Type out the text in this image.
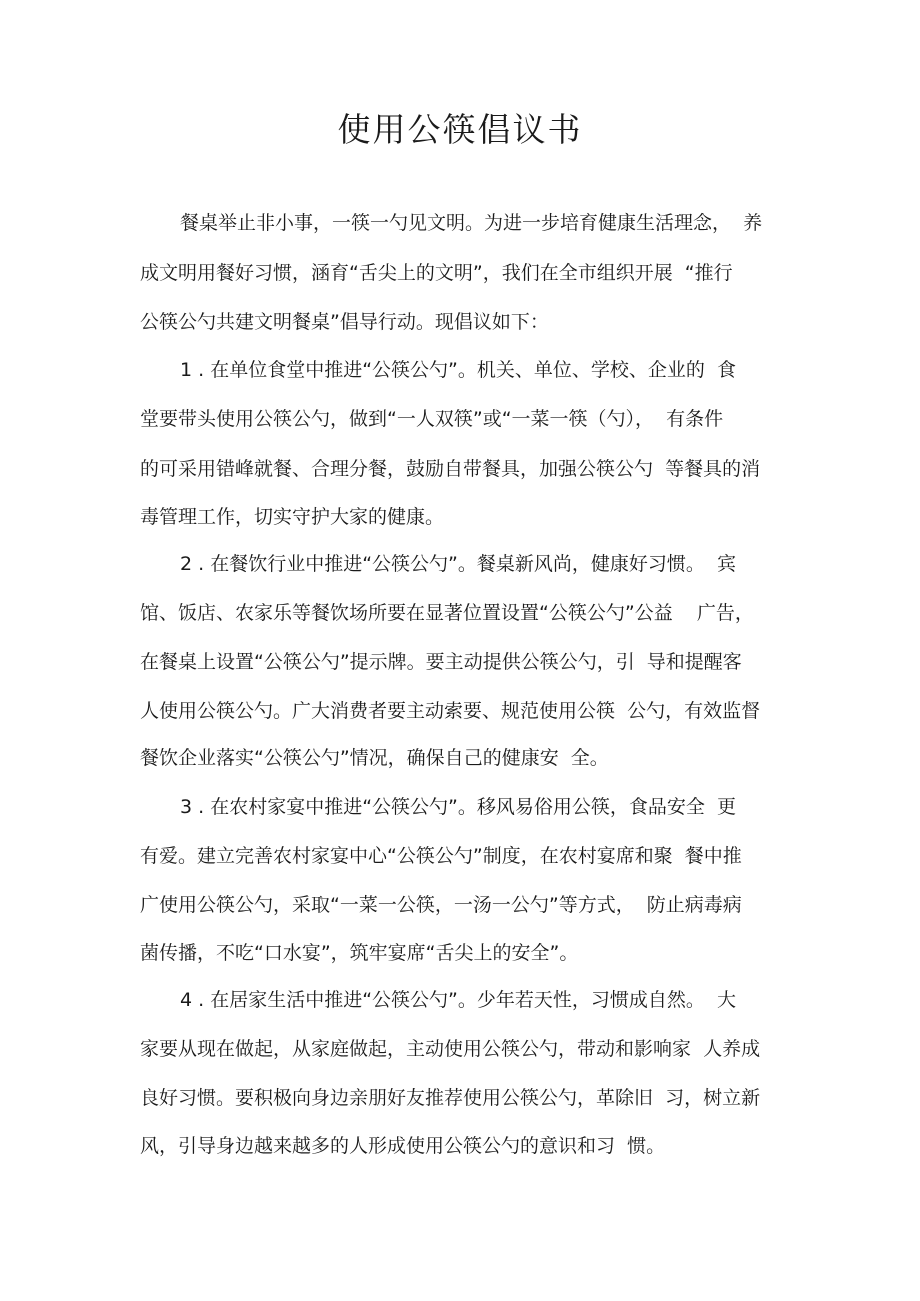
使用公筷倡议书

餐桌举止非小事，一筷一勺见文明。为进一步培育健康生活理念，  养

成文明用餐好习惯，涵育“舌尖上的文明”，我们在全市组织开展  “推行

公筷公勺共建文明餐桌”倡导行动。现倡议如下：

1 . 在单位食堂中推进“公筷公勺”。机关、单位、学校、企业的  食

堂要带头使用公筷公勺，做到“一人双筷”或“一菜一筷（勺），  有条件

的可采用错峰就餐、合理分餐，鼓励自带餐具，加强公筷公勺  等餐具的消

毒管理工作，切实守护大家的健康。

2 . 在餐饮行业中推进“公筷公勺”。餐桌新风尚，健康好习惯。  宾

馆、饭店、农家乐等餐饮场所要在显著位置设置“公筷公勺”公益    广告，

在餐桌上设置“公筷公勺”提示牌。要主动提供公筷公勺，引  导和提醒客

人使用公筷公勺。广大消费者要主动索要、规范使用公筷  公勺，有效监督

餐饮企业落实“公筷公勺”情况，确保自己的健康安  全。

3 . 在农村家宴中推进“公筷公勺”。移风易俗用公筷，食品安全  更

有爱。建立完善农村家宴中心“公筷公勺”制度，在农村宴席和聚  餐中推

广使用公筷公勺，采取“一菜一公筷，一汤一公勺”等方式，  防止病毒病

菌传播，不吃“口水宴”，筑牢宴席“舌尖上的安全”。

4 . 在居家生活中推进“公筷公勺”。少年若天性，习惯成自然。  大

家要从现在做起，从家庭做起，主动使用公筷公勺，带动和影响家  人养成

良好习惯。要积极向身边亲朋好友推荐使用公筷公勺，革除旧  习，树立新

风，引导身边越来越多的人形成使用公筷公勺的意识和习  惯。
